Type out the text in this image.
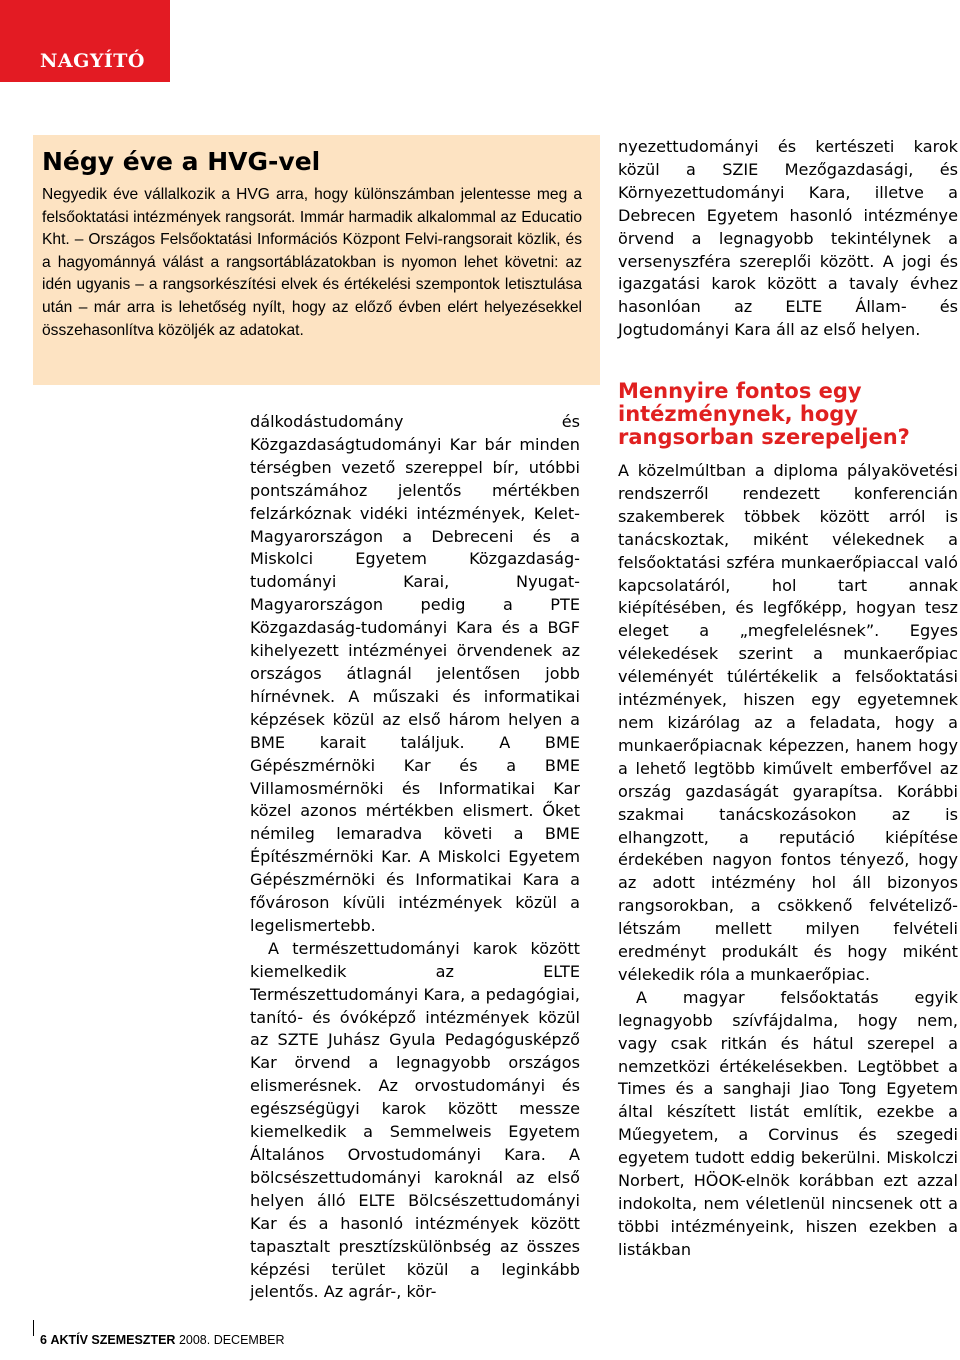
NAGYÍTÓ
Négy éve a HVG-vel
Negyedik éve vállalkozik a HVG arra, hogy különszámban jelentesse meg a felsőoktatási intézmények rangsorát. Immár harmadik alkalommal az Educatio Kht. – Országos Felsőoktatási Információs Központ Felvi-rangsorait közlik, és a hagyománnyá válást a rangsortáblázatokban is nyomon lehet követni: az idén ugyanis – a rangsorkészítési elvek és értékelési szempontok letisztulása után – már arra is lehetőség nyílt, hogy az előző évben elért helyezésekkel összehasonlítva közöljék az adatokat.

dálkodástudomány és Közgazdaságtudományi Kar bár minden térségben vezető szereppel bír, utóbbi pontszámához jelentős mértékben felzárkóznak vidéki intézmények, Kelet-Magyarországon a Debreceni és a Miskolci Egyetem Közgazdaság-tudományi Karai, Nyugat-Magyarországon pedig a PTE Közgazdaság-tudományi Kara és a BGF kihelyezett intézményei örvendenek az országos átlagnál jelentősen jobb hírnévnek. A műszaki és informatikai képzések közül az első három helyen a BME karait találjuk. A BME Gépészmérnöki Kar és a BME Villamosmérnöki és Informatikai Kar közel azonos mértékben elismert. Őket némileg lemaradva követi a BME Építészmérnöki Kar. A Miskolci Egyetem Gépészmérnöki és Informatikai Kara a fővároson kívüli intézmények közül a legelismertebb.

A természettudományi karok között kiemelkedik az ELTE Természettudományi Kara, a pedagógiai, tanító- és óvóképző intézmények közül az SZTE Juhász Gyula Pedagógusképző Kar örvend a legnagyobb országos elismerésnek. Az orvostudományi és egészségügyi karok között messze kiemelkedik a Semmelweis Egyetem Általános Orvostudományi Kara. A bölcsészettudományi karoknál az első helyen álló ELTE Bölcsészettudományi Kar és a hasonló intézmények között tapasztalt presztízskülönbség az összes képzési terület közül a leginkább jelentős. Az agrár-, kör-

nyezettudományi és kertészeti karok közül a SZIE Mezőgazdasági, és Környezettudományi Kara, illetve a Debrecen Egyetem hasonló intézménye örvend a legnagyobb tekintélynek a versenyszféra szereplői között. A jogi és igazgatási karok között a tavaly évhez hasonlóan az ELTE Állam- és Jogtudományi Kara áll az első helyen.

Mennyire fontos egy intézménynek, hogy rangsorban szerepeljen?

A közelmúltban a diploma pályakövetési rendszerről rendezett konferencián szakemberek többek között arról is tanácskoztak, miként vélekednek a felsőoktatási szféra munkaerőpiaccal való kapcsolatáról, hol tart annak kiépítésében, és legfőképp, hogyan tesz eleget a „megfelelésnek”. Egyes vélekedések szerint a munkaerőpiac véleményét túlértékelik a felsőoktatási intézmények, hiszen egy egyetemnek nem kizárólag az a feladata, hogy a munkaerőpiacnak képezzen, hanem hogy a lehető legtöbb kiművelt emberfővel az ország gazdaságát gyarapítsa. Korábbi szakmai tanácskozásokon az is elhangzott, a reputáció kiépítése érdekében nagyon fontos tényező, hogy az adott intézmény hol áll bizonyos rangsorokban, a csökkenő felvételiző-létszám mellett milyen felvételi eredményt produkált és hogy miként vélekedik róla a munkaerőpiac.

A magyar felsőoktatás egyik legnagyobb szívfájdalma, hogy nem, vagy csak ritkán és hátul szerepel a nemzetközi értékelésekben. Legtöbbet a Times és a sanghaji Jiao Tong Egyetem által készített listát említik, ezekbe a Műegyetem, a Corvinus és szegedi egyetem tudott eddig bekerülni. Miskolczi Norbert, HÖOK-elnök korábban ezt azzal indokolta, nem véletlenül nincsenek ott a többi intézményeink, hiszen ezekben a listákban

6 AKTÍV SZEMESZTER 2008. DECEMBER
